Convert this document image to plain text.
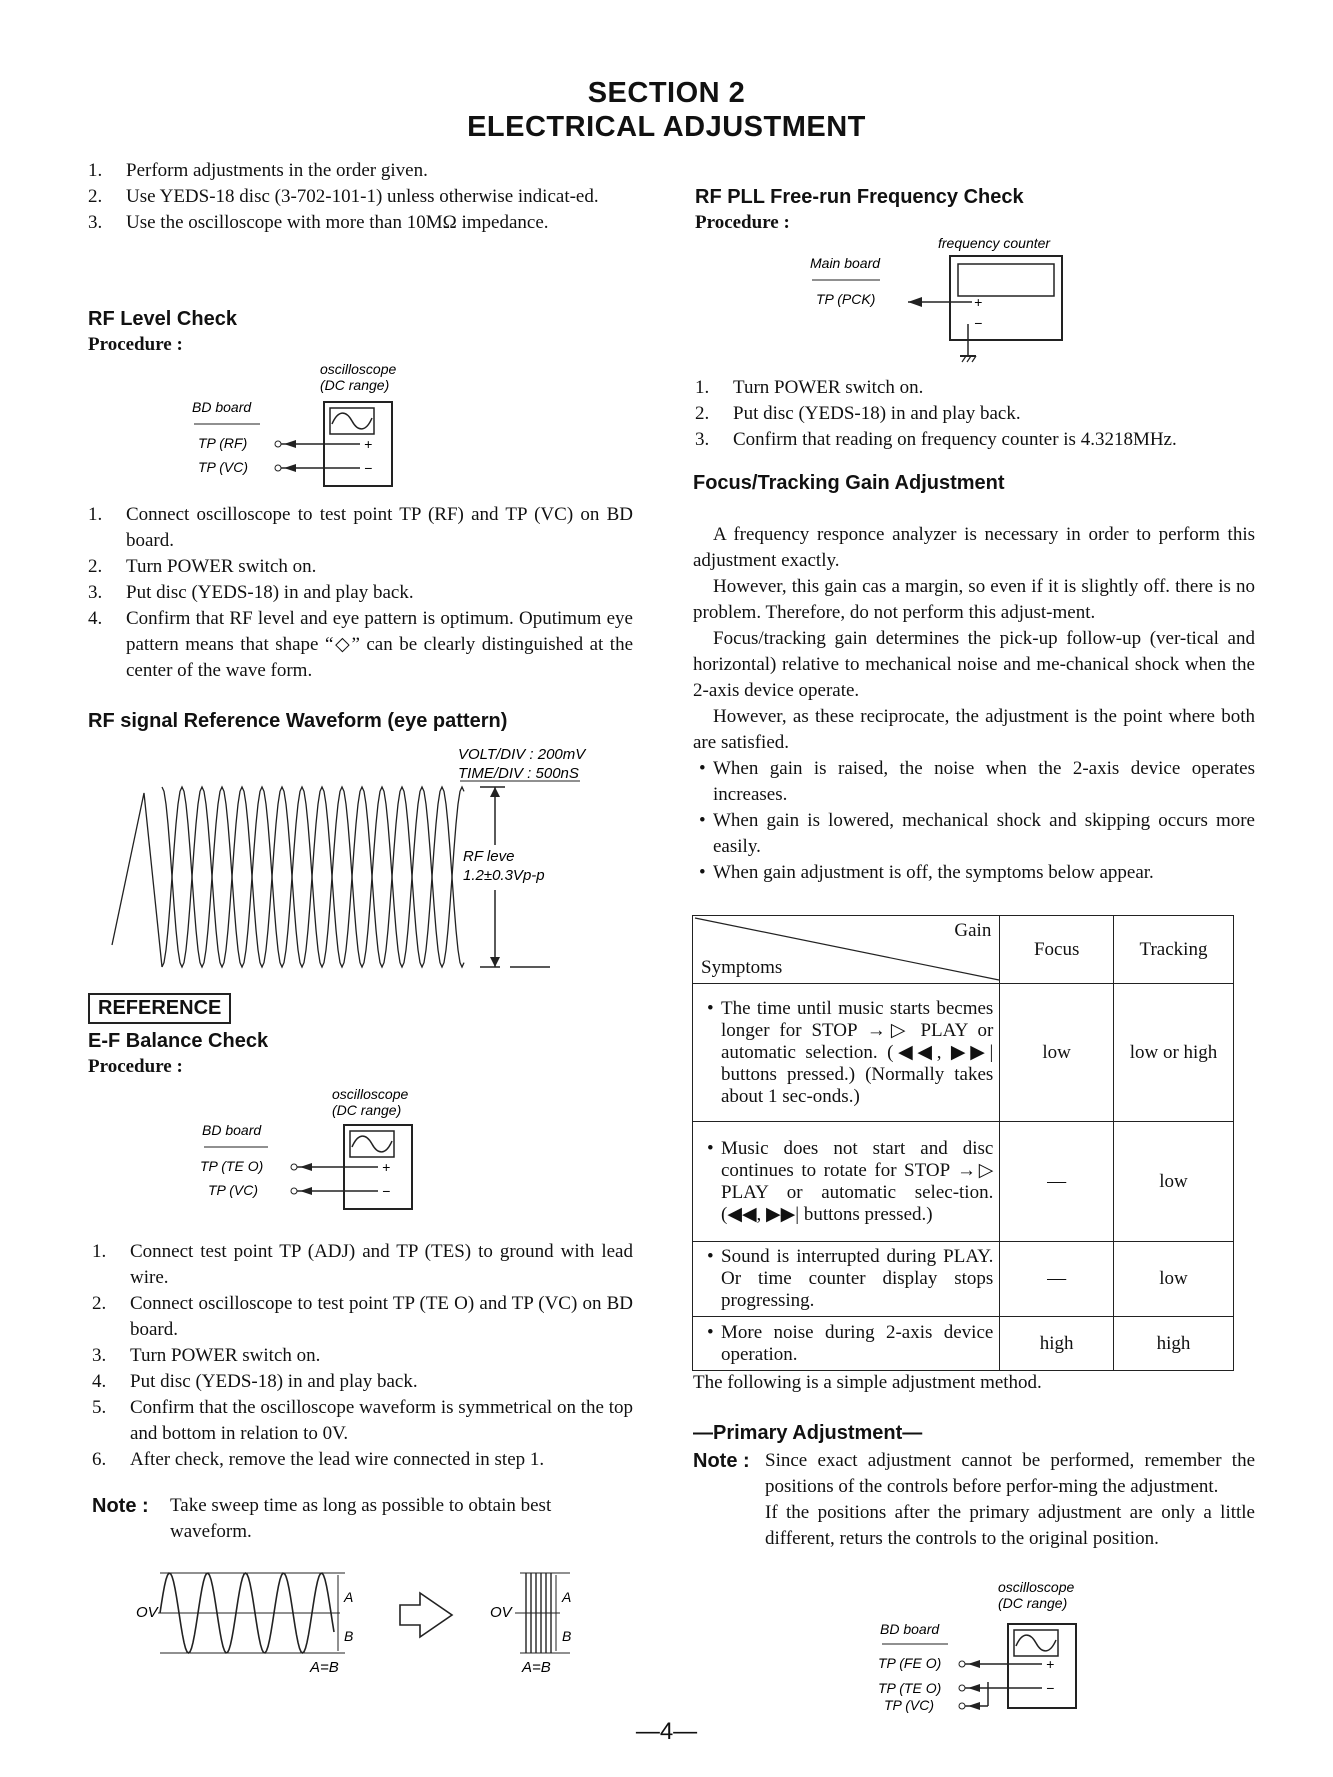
SECTION 2
ELECTRICAL ADJUSTMENT
1. Perform adjustments in the order given.
2. Use YEDS-18 disc (3-702-101-1) unless otherwise indicat-ed.
3. Use the oscilloscope with more than 10MΩ impedance.
RF Level Check
Procedure :
oscilloscope
(DC range)
BD board
TP (RF)
TP (VC)
+
−
1. Connect oscilloscope to test point TP (RF) and TP (VC) on BD board.
2. Turn POWER switch on.
3. Put disc (YEDS-18) in and play back.
4. Confirm that RF level and eye pattern is optimum. Oputimum eye pattern means that shape “◇” can be clearly distinguished at the center of the wave form.
RF signal Reference Waveform (eye pattern)
VOLT/DIV : 200mV
TIME/DIV : 500nS
RF leve
1.2±0.3Vp-p
REFERENCE
E-F Balance Check
Procedure :
oscilloscope
(DC range)
BD board
TP (TE O)
TP (VC)
+
−
1. Connect test point TP (ADJ) and TP (TES) to ground with lead wire.
2. Connect oscilloscope to test point TP (TE O) and TP (VC) on BD board.
3. Turn POWER switch on.
4. Put disc (YEDS-18) in and play back.
5. Confirm that the oscilloscope waveform is symmetrical on the top and bottom in relation to 0V.
6. After check, remove the lead wire connected in step 1.
Note : Take sweep time as long as possible to obtain best waveform.
OV
A
B
A=B
OV
A
B
A=B
RF PLL Free-run Frequency Check
Procedure :
frequency counter
Main board
TP (PCK)	+
−
1. Turn POWER switch on.
2. Put disc (YEDS-18) in and play back.
3. Confirm that reading on frequency counter is 4.3218MHz.
Focus/Tracking Gain Adjustment
A frequency responce analyzer is necessary in order to perform this adjustment exactly.
However, this gain cas a margin, so even if it is slightly off. there is no problem. Therefore, do not perform this adjust-ment.
Focus/tracking gain determines the pick-up follow-up (ver-tical and horizontal) relative to mechanical noise and me-chanical shock when the 2-axis device operate.
However, as these reciprocate, the adjustment is the point where both are satisfied.
• When gain is raised, the noise when the 2-axis device operates increases.
• When gain is lowered, mechanical shock and skipping occurs more easily.
• When gain adjustment is off, the symptoms below appear.
Gain
Symptoms	Focus	Tracking

• The time until music starts becmes longer for STOP →▷ PLAY or automatic selection. (◀◀, ▶▶| buttons pressed.) (Normally takes about 1 sec-onds.)	low	low or high

• Music does not start and disc continues to rotate for STOP →▷ PLAY or automatic selec-tion. (◀◀, ▶▶| buttons pressed.)	—	low

• Sound is interrupted during PLAY. Or time counter display stops progressing.	—	low

• More noise during 2-axis device operation.	high	high
The following is a simple adjustment method.
—Primary Adjustment—
Note : Since exact adjustment cannot be performed, remember the positions of the controls before perfor-ming the adjustment.
If the positions after the primary adjustment are only a little different, returs the controls to the original position.
oscilloscope
(DC range)
BD board
TP (FE O)
TP (TE O)
TP (VC)
+
−
—4—
